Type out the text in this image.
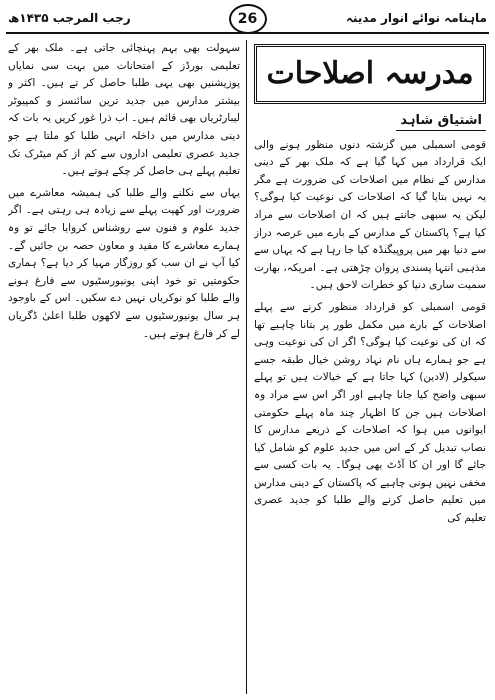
ماہنامہ نوائے انوار مدینہ
رجب المرجب ۱۴۳۵ھ	26
مدرسہ اصلاحات
اشتیاق شاہد

قومی اسمبلی میں گزشتہ دنوں منظور ہونے والی ایک قرارداد میں کہا گیا ہے کہ ملک بھر کے دینی مدارس کے نظام میں اصلاحات کی ضرورت ہے مگر یہ نہیں بتایا گیا کہ اصلاحات کی نوعیت کیا ہوگی؟ لیکن یہ سبھی جانتے ہیں کہ ان اصلاحات سے مراد کیا ہے؟ پاکستان کے مدارس کے بارے میں عرصہ دراز سے دنیا بھر میں پروپیگنڈہ کیا جا رہا ہے کہ یہاں سے مذہبی انتہا پسندی پروان چڑھتی ہے۔ امریکہ، بھارت سمیت ساری دنیا کو خطرات لاحق ہیں۔

قومی اسمبلی کو قرارداد منظور کرنے سے پہلے اصلاحات کے بارے میں مکمل طور پر بتانا چاہیے تھا کہ ان کی نوعیت کیا ہوگی؟ اگر ان کی نوعیت وہی ہے جو ہمارے ہاں نام نہاد روشن خیال طبقہ جسے سیکولر (لادین) کہا جاتا ہے کے خیالات ہیں تو پہلے سبھی واضح کیا جانا چاہیے اور اگر اس سے مراد وہ اصلاحات ہیں جن کا اظہار چند ماہ پہلے حکومتی ایوانوں میں ہوا کہ اصلاحات کے ذریعے مدارس کا نصاب تبدیل کر کے اس میں جدید علوم کو شامل کیا جائے گا اور ان کا آڈٹ بھی ہوگا۔ یہ بات کسی سے مخفی نہیں ہونی چاہیے کہ پاکستان کے دینی مدارس میں تعلیم حاصل کرنے والے طلبا کو جدید عصری تعلیم کی

سہولت بھی بہم پہنچائی جاتی ہے۔ ملک بھر کے تعلیمی بورڈز کے امتحانات میں بہت سی نمایاں پوزیشنیں بھی یہی طلبا حاصل کر تے ہیں۔ اکثر و بیشتر مدارس میں جدید ترین سائنسز و کمپیوٹر لیبارٹریاں بھی قائم ہیں۔ اب ذرا غور کریں یہ بات کہ دینی مدارس میں داخلہ انہی طلبا کو ملتا ہے جو جدید عصری تعلیمی اداروں سے کم از کم میٹرک تک تعلیم پہلے ہی حاصل کر چکے ہوتے ہیں۔

یہاں سے نکلنے والے طلبا کی ہمیشہ معاشرے میں ضرورت اور کھپت پہلے سے زیادہ ہی رہتی ہے۔ اگر جدید علوم و فنون سے روشناس کروایا جائے تو وہ ہمارے معاشرے کا مفید و معاون حصہ بن جائیں گے۔ کیا آپ نے ان سب کو روزگار مہیا کر دیا ہے؟ ہماری حکومتیں تو خود اپنی یونیورسٹیوں سے فارغ ہونے والے طلبا کو نوکریاں نہیں دے سکیں۔ اس کے باوجود ہر سال یونیورسٹیوں سے لاکھوں طلبا اعلیٰ ڈگریاں لے کر فارغ ہوتے ہیں۔
